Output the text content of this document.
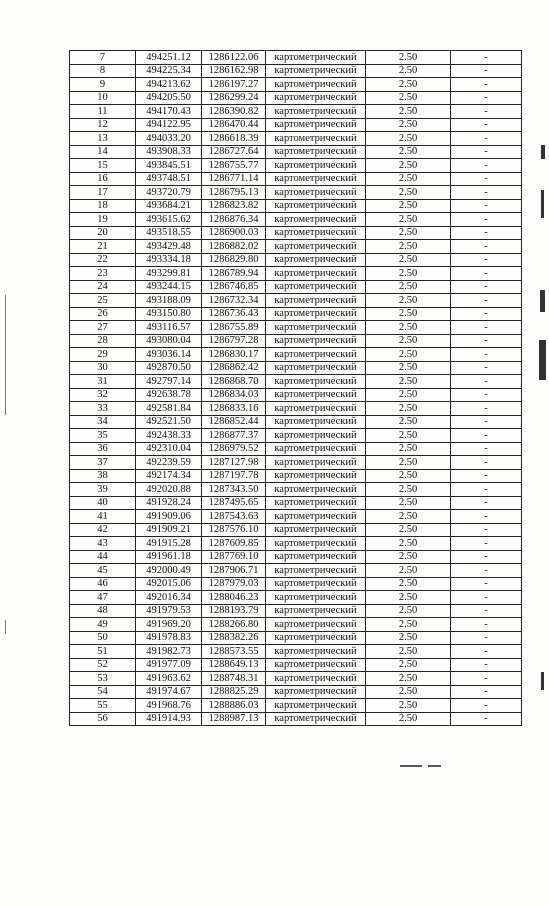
7	494251.12	1286122.06	картометрический	2.50	-
8	494225.34	1286162.98	картометрический	2.50	-
9	494213.62	1286197.27	картометрический	2.50	-
10	494205.50	1286299.24	картометрический	2.50	-
11	494170.43	1286390.82	картометрический	2.50	-
12	494122.95	1286470.44	картометрический	2.50	-
13	494033.20	1286618.39	картометрический	2.50	-
14	493908.33	1286727.64	картометрический	2.50	-
15	493845.51	1286755.77	картометрический	2.50	-
16	493748.51	1286771.14	картометрический	2.50	-
17	493720.79	1286795.13	картометрический	2.50	-
18	493684.21	1286823.82	картометрический	2.50	-
19	493615.62	1286876.34	картометрический	2.50	-
20	493518.55	1286900.03	картометрический	2.50	-
21	493429.48	1286882.02	картометрический	2.50	-
22	493334.18	1286829.80	картометрический	2.50	-
23	493299.81	1286789.94	картометрический	2.50	-
24	493244.15	1286746.85	картометрический	2.50	-
25	493188.09	1286732.34	картометрический	2.50	-
26	493150.80	1286736.43	картометрический	2.50	-
27	493116.57	1286755.89	картометрический	2.50	-
28	493080.04	1286797.28	картометрический	2.50	-
29	493036.14	1286830.17	картометрический	2.50	-
30	492870.50	1286862.42	картометрический	2.50	-
31	492797.14	1286868.70	картометрический	2.50	-
32	492638.78	1286834.03	картометрический	2.50	-
33	492581.84	1286833.16	картометрический	2.50	-
34	492521.50	1286852.44	картометрический	2.50	-
35	492438.33	1286877.37	картометрический	2.50	-
36	492310.04	1286979.52	картометрический	2.50	-
37	492239.59	1287127.98	картометрический	2.50	-
38	492174.34	1287197.78	картометрический	2.50	-
39	492020.88	1287343.50	картометрический	2.50	-
40	491928.24	1287495.65	картометрический	2.50	-
41	491909.06	1287543.63	картометрический	2.50	-
42	491909.21	1287576.10	картометрический	2.50	-
43	491915.28	1287609.85	картометрический	2.50	-
44	491961.18	1287769.10	картометрический	2.50	-
45	492000.49	1287906.71	картометрический	2.50	-
46	492015.06	1287979.03	картометрический	2.50	-
47	492016.34	1288046.23	картометрический	2.50	-
48	491979.53	1288193.79	картометрический	2.50	-
49	491969.20	1288266.80	картометрический	2.50	-
50	491978.83	1288382.26	картометрический	2.50	-
51	491982.73	1288573.55	картометрический	2.50	-
52	491977.09	1288649.13	картометрический	2.50	-
53	491963.62	1288748.31	картометрический	2.50	-
54	491974.67	1288825.29	картометрический	2.50	-
55	491968.76	1288886.03	картометрический	2.50	-
56	491914.93	1288987.13	картометрический	2.50	-
